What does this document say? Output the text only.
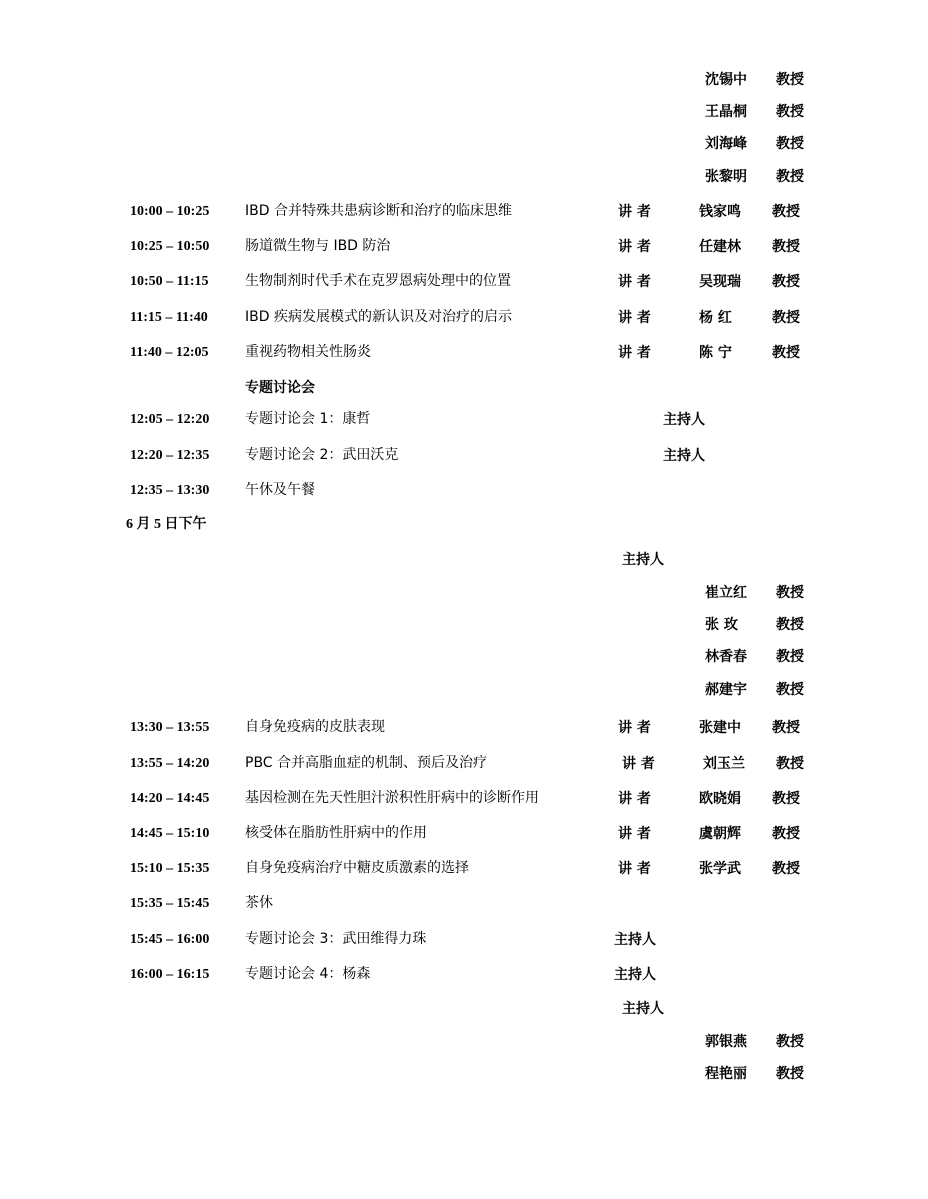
沈锡中 教授
王晶桐 教授
刘海峰 教授
张黎明 教授
10:00 – 10:25	IBD 合并特殊共患病诊断和治疗的临床思维	讲 者	钱家鸣 教授
10:25 – 10:50	肠道微生物与 IBD 防治	讲 者	任建林 教授
10:50 – 11:15	生物制剂时代手术在克罗恩病处理中的位置	讲 者	吴现瑞 教授
11:15 – 11:40	IBD 疾病发展模式的新认识及对治疗的启示	讲 者	杨 红	教授
11:40 – 12:05	重视药物相关性肠炎	讲 者	陈 宁	教授
专题讨论会
12:05 – 12:20	专题讨论会 1：康哲	主持人
12:20 – 12:35	专题讨论会 2：武田沃克	主持人
12:35 – 13:30	午休及午餐
6 月 5 日下午
主持人
崔立红 教授
张 玫	教授
林香春 教授
郝建宇 教授
13:30 – 13:55	自身免疫病的皮肤表现	讲 者	张建中 教授
13:55 – 14:20	PBC 合并高脂血症的机制、预后及治疗	讲 者	刘玉兰 教授
14:20 – 14:45	基因检测在先天性胆汁淤积性肝病中的诊断作用	讲 者	欧晓娟 教授
14:45 – 15:10	核受体在脂肪性肝病中的作用	讲 者	虞朝辉 教授
15:10 – 15:35	自身免疫病治疗中糖皮质激素的选择	讲 者	张学武 教授
15:35 – 15:45	茶休
15:45 – 16:00	专题讨论会 3：武田维得力珠	主持人
16:00 – 16:15	专题讨论会 4：杨森	主持人
主持人
郭银燕 教授
程艳丽 教授
